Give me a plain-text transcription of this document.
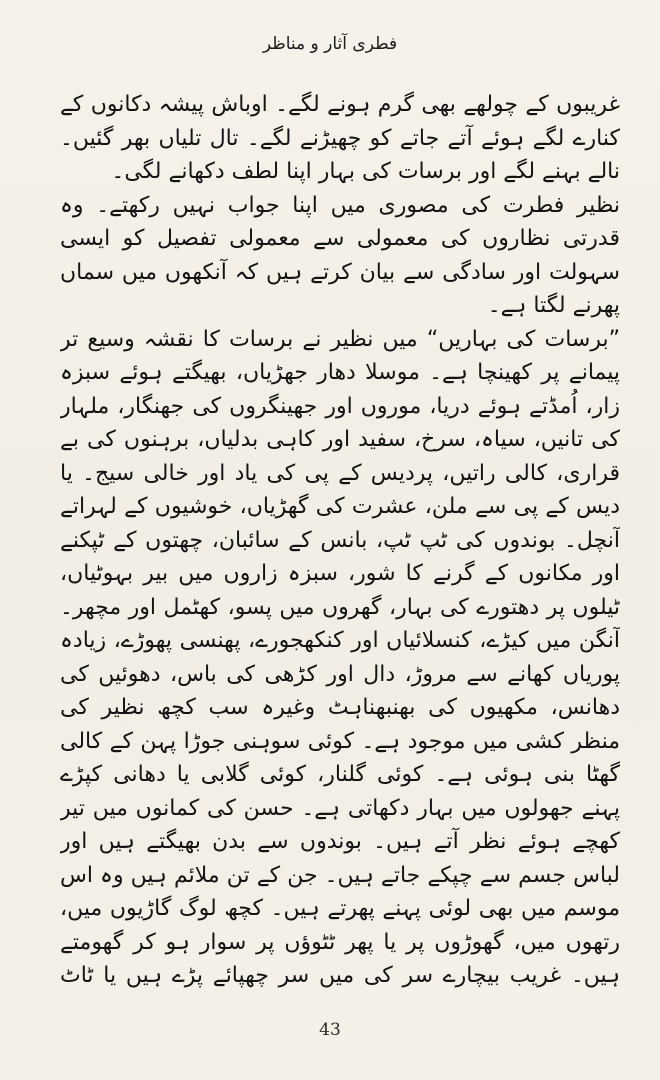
فطری آثار و مناظر

غریبوں کے چولھے بھی گرم ہونے لگے۔ اوباش پیشہ دکانوں کے کنارے لگے ہوئے آتے جاتے کو چھیڑنے لگے۔ تال تلیاں بھر گئیں۔ نالے بہنے لگے اور برسات کی بہار اپنا لطف دکھانے لگی۔

نظیر فطرت کی مصوری میں اپنا جواب نہیں رکھتے۔ وہ قدرتی نظاروں کی معمولی سے معمولی تفصیل کو ایسی سہولت اور سادگی سے بیان کرتے ہیں کہ آنکھوں میں سماں پھرنے لگتا ہے۔

”برسات کی بہاریں“ میں نظیر نے برسات کا نقشہ وسیع تر پیمانے پر کھینچا ہے۔ موسلا دھار جھڑیاں، بھیگتے ہوئے سبزہ زار، اُمڈتے ہوئے دریا، موروں اور جھینگروں کی جھنگار، ملہار کی تانیں، سیاہ، سرخ، سفید اور کاہی بدلیاں، برہنوں کی بے قراری، کالی راتیں، پردیس کے پی کی یاد اور خالی سیج۔ یا دیس کے پی سے ملن، عشرت کی گھڑیاں، خوشیوں کے لہراتے آنچل۔ بوندوں کی ٹپ ٹپ، بانس کے سائبان، چھتوں کے ٹپکنے اور مکانوں کے گرنے کا شور، سبزہ زاروں میں بیر بہوٹیاں، ٹیلوں پر دھتورے کی بہار، گھروں میں پسو، کھٹمل اور مچھر۔ آنگن میں کیڑے، کنسلائیاں اور کنکھجورے، پھنسی پھوڑے، زیادہ پوریاں کھانے سے مروڑ، دال اور کڑھی کی باس، دھوئیں کی دھانس، مکھیوں کی بھنبھناہٹ وغیرہ سب کچھ نظیر کی منظر کشی میں موجود ہے۔ کوئی سوہنی جوڑا پہن کے کالی گھٹا بنی ہوئی ہے۔ کوئی گلنار، کوئی گلابی یا دھانی کپڑے پہنے جھولوں میں بہار دکھاتی ہے۔ حسن کی کمانوں میں تیر کھچے ہوئے نظر آتے ہیں۔ بوندوں سے بدن بھیگتے ہیں اور لباس جسم سے چپکے جاتے ہیں۔ جن کے تن ملائم ہیں وہ اس موسم میں بھی لوئی پہنے پھرتے ہیں۔ کچھ لوگ گاڑیوں میں، رتھوں میں، گھوڑوں پر یا پھر ٹٹوؤں پر سوار ہو کر گھومتے ہیں۔ غریب بیچارے سر کی میں سر چھپائے پڑے ہیں یا ٹاٹ

43
